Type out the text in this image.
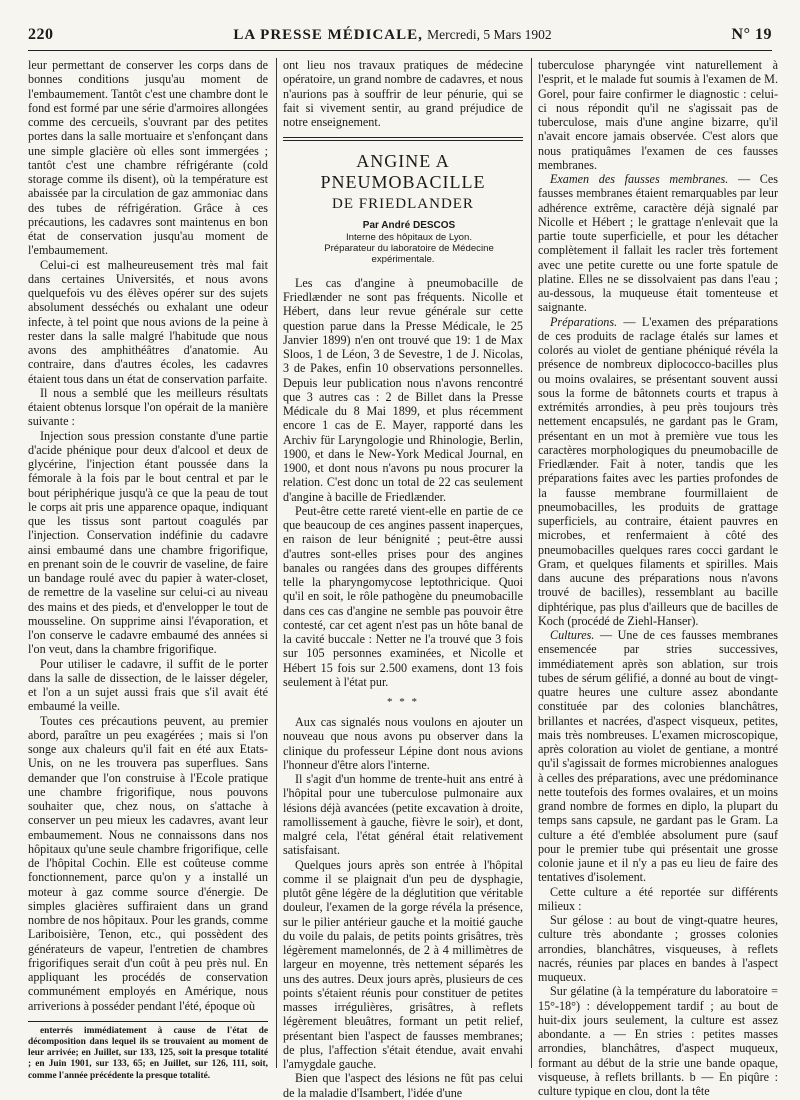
220	LA PRESSE MÉDICALE, Mercredi, 5 Mars 1902	N° 19

leur permettant de conserver les corps dans de bonnes conditions jusqu'au moment de l'embaumement. Tantôt c'est une chambre dont le fond est formé par une série d'armoires allongées comme des cercueils, s'ouvrant par des petites portes dans la salle mortuaire et s'enfonçant dans une simple glacière où elles sont immergées ; tantôt c'est une chambre réfrigérante (cold storage comme ils disent), où la température est abaissée par la circulation de gaz ammoniac dans des tubes de réfrigération. Grâce à ces précautions, les cadavres sont maintenus en bon état de conservation jusqu'au moment de l'embaumement.

Celui-ci est malheureusement très mal fait dans certaines Universités, et nous avons quelquefois vu des élèves opérer sur des sujets absolument desséchés ou exhalant une odeur infecte, à tel point que nous avions de la peine à rester dans la salle malgré l'habitude que nous avons des amphithéâtres d'anatomie. Au contraire, dans d'autres écoles, les cadavres étaient tous dans un état de conservation parfaite.

Il nous a semblé que les meilleurs résultats étaient obtenus lorsque l'on opérait de la manière suivante :

Injection sous pression constante d'une partie d'acide phénique pour deux d'alcool et deux de glycérine, l'injection étant poussée dans la fémorale à la fois par le bout central et par le bout périphérique jusqu'à ce que la peau de tout le corps ait pris une apparence opaque, indiquant que les tissus sont partout coagulés par l'injection. Conservation indéfinie du cadavre ainsi embaumé dans une chambre frigorifique, en prenant soin de le couvrir de vaseline, de faire un bandage roulé avec du papier à water-closet, de remettre de la vaseline sur celui-ci au niveau des mains et des pieds, et d'envelopper le tout de mousseline. On supprime ainsi l'évaporation, et l'on conserve le cadavre embaumé des années si l'on veut, dans la chambre frigorifique.

Pour utiliser le cadavre, il suffit de le porter dans la salle de dissection, de le laisser dégeler, et l'on a un sujet aussi frais que s'il avait été embaumé la veille.

Toutes ces précautions peuvent, au premier abord, paraître un peu exagérées ; mais si l'on songe aux chaleurs qu'il fait en été aux Etats-Unis, on ne les trouvera pas superflues. Sans demander que l'on construise à l'Ecole pratique une chambre frigorifique, nous pouvons souhaiter que, chez nous, on s'attache à conserver un peu mieux les cadavres, avant leur embaumement. Nous ne connaissons dans nos hôpitaux qu'une seule chambre frigorifique, celle de l'hôpital Cochin. Elle est coûteuse comme fonctionnement, parce qu'on y a installé un moteur à gaz comme source d'énergie. De simples glacières suffiraient dans un grand nombre de nos hôpitaux. Pour les grands, comme Lariboisière, Tenon, etc., qui possèdent des générateurs de vapeur, l'entretien de chambres frigorifiques serait d'un coût à peu près nul. En appliquant les procédés de conservation communément employés en Amérique, nous arriverions à posséder pendant l'été, époque où

enterrés immédiatement à cause de l'état de décomposition dans lequel ils se trouvaient au moment de leur arrivée; en Juillet, sur 133, 125, soit la presque totalité ; en Juin 1901, sur 133, 65; en Juillet, sur 126, 111, soit, comme l'année précédente la presque totalité.

ont lieu nos travaux pratiques de médecine opératoire, un grand nombre de cadavres, et nous n'aurions pas à souffrir de leur pénurie, qui se fait si vivement sentir, au grand préjudice de notre enseignement.

ANGINE A PNEUMOBACILLE
DE FRIEDLANDER

Par André DESCOS

Interne des hôpitaux de Lyon.

Préparateur du laboratoire de Médecine expérimentale.

Les cas d'angine à pneumobacille de Friedlænder ne sont pas fréquents. Nicolle et Hébert, dans leur revue générale sur cette question parue dans la Presse Médicale, le 25 Janvier 1899) n'en ont trouvé que 19: 1 de Max Sloos, 1 de Léon, 3 de Sevestre, 1 de J. Nicolas, 3 de Pakes, enfin 10 observations personnelles. Depuis leur publication nous n'avons rencontré que 3 autres cas : 2 de Billet dans la Presse Médicale du 8 Mai 1899, et plus récemment encore 1 cas de E. Mayer, rapporté dans les Archiv für Laryngologie und Rhinologie, Berlin, 1900, et dans le New-York Medical Journal, en 1900, et dont nous n'avons pu nous procurer la relation. C'est donc un total de 22 cas seulement d'angine à bacille de Friedlænder.

Peut-être cette rareté vient-elle en partie de ce que beaucoup de ces angines passent inaperçues, en raison de leur bénignité ; peut-être aussi d'autres sont-elles prises pour des angines banales ou rangées dans des groupes différents telle la pharyngomycose leptothricique. Quoi qu'il en soit, le rôle pathogène du pneumobacille dans ces cas d'angine ne semble pas pouvoir être contesté, car cet agent n'est pas un hôte banal de la cavité buccale : Netter ne l'a trouvé que 3 fois sur 105 personnes examinées, et Nicolle et Hébert 15 fois sur 2.500 examens, dont 13 fois seulement à l'état pur.

* * *

Aux cas signalés nous voulons en ajouter un nouveau que nous avons pu observer dans la clinique du professeur Lépine dont nous avions l'honneur d'être alors l'interne.

Il s'agit d'un homme de trente-huit ans entré à l'hôpital pour une tuberculose pulmonaire aux lésions déjà avancées (petite excavation à droite, ramollissement à gauche, fièvre le soir), et dont, malgré cela, l'état général était relativement satisfaisant.

Quelques jours après son entrée à l'hôpital comme il se plaignait d'un peu de dysphagie, plutôt gêne légère de la déglutition que véritable douleur, l'examen de la gorge révéla la présence, sur le pilier antérieur gauche et la moitié gauche du voile du palais, de petits points grisâtres, très légèrement mamelonnés, de 2 à 4 millimètres de largeur en moyenne, très nettement séparés les uns des autres. Deux jours après, plusieurs de ces points s'étaient réunis pour constituer de petites masses irrégulières, grisâtres, à reflets légèrement bleuâtres, formant un petit relief, présentant bien l'aspect de fausses membranes; de plus, l'affection s'était étendue, avait envahi l'amygdale gauche.

Bien que l'aspect des lésions ne fût pas celui de la maladie d'Isambert, l'idée d'une

tuberculose pharyngée vint naturellement à l'esprit, et le malade fut soumis à l'examen de M. Gorel, pour faire confirmer le diagnostic : celui-ci nous répondit qu'il ne s'agissait pas de tuberculose, mais d'une angine bizarre, qu'il n'avait encore jamais observée. C'est alors que nous pratiquâmes l'examen de ces fausses membranes.

Examen des fausses membranes. — Ces fausses membranes étaient remarquables par leur adhérence extrême, caractère déjà signalé par Nicolle et Hébert ; le grattage n'enlevait que la partie toute superficielle, et pour les détacher complètement il fallait les racler très fortement avec une petite curette ou une forte spatule de platine. Elles ne se dissolvaient pas dans l'eau ; au-dessous, la muqueuse était tomenteuse et saignante.

Préparations. — L'examen des préparations de ces produits de raclage étalés sur lames et colorés au violet de gentiane phéniqué révéla la présence de nombreux diplococco-bacilles plus ou moins ovalaires, se présentant souvent aussi sous la forme de bâtonnets courts et trapus à extrémités arrondies, à peu près toujours très nettement encapsulés, ne gardant pas le Gram, présentant en un mot à première vue tous les caractères morphologiques du pneumobacille de Friedlænder. Fait à noter, tandis que les préparations faites avec les parties profondes de la fausse membrane fourmillaient de pneumobacilles, les produits de grattage superficiels, au contraire, étaient pauvres en microbes, et renfermaient à côté des pneumobacilles quelques rares cocci gardant le Gram, et quelques filaments et spirilles. Mais dans aucune des préparations nous n'avons trouvé de bacilles), ressemblant au bacille diphtérique, pas plus d'ailleurs que de bacilles de Koch (procédé de Ziehl-Hanser).

Cultures. — Une de ces fausses membranes ensemencée par stries successives, immédiatement après son ablation, sur trois tubes de sérum gélifié, a donné au bout de vingt-quatre heures une culture assez abondante constituée par des colonies blanchâtres, brillantes et nacrées, d'aspect visqueux, petites, mais très nombreuses. L'examen microscopique, après coloration au violet de gentiane, a montré qu'il s'agissait de formes microbiennes analogues à celles des préparations, avec une prédominance nette toutefois des formes ovalaires, et un moins grand nombre de formes en diplo, la plupart du temps sans capsule, ne gardant pas le Gram. La culture a été d'emblée absolument pure (sauf pour le premier tube qui présentait une grosse colonie jaune et il n'y a pas eu lieu de faire des tentatives d'isolement.

Cette culture a été reportée sur différents milieux :

Sur gélose : au bout de vingt-quatre heures, culture très abondante ; grosses colonies arrondies, blanchâtres, visqueuses, à reflets nacrés, réunies par places en bandes à l'aspect muqueux.

Sur gélatine (à la température du laboratoire = 15°-18°) : développement tardif ; au bout de huit-dix jours seulement, la culture est assez abondante. a — En stries : petites masses arrondies, blanchâtres, d'aspect muqueux, formant au début de la strie une bande opaque, visqueuse, à reflets brillants. b — En piqûre : culture typique en clou, dont la tête
